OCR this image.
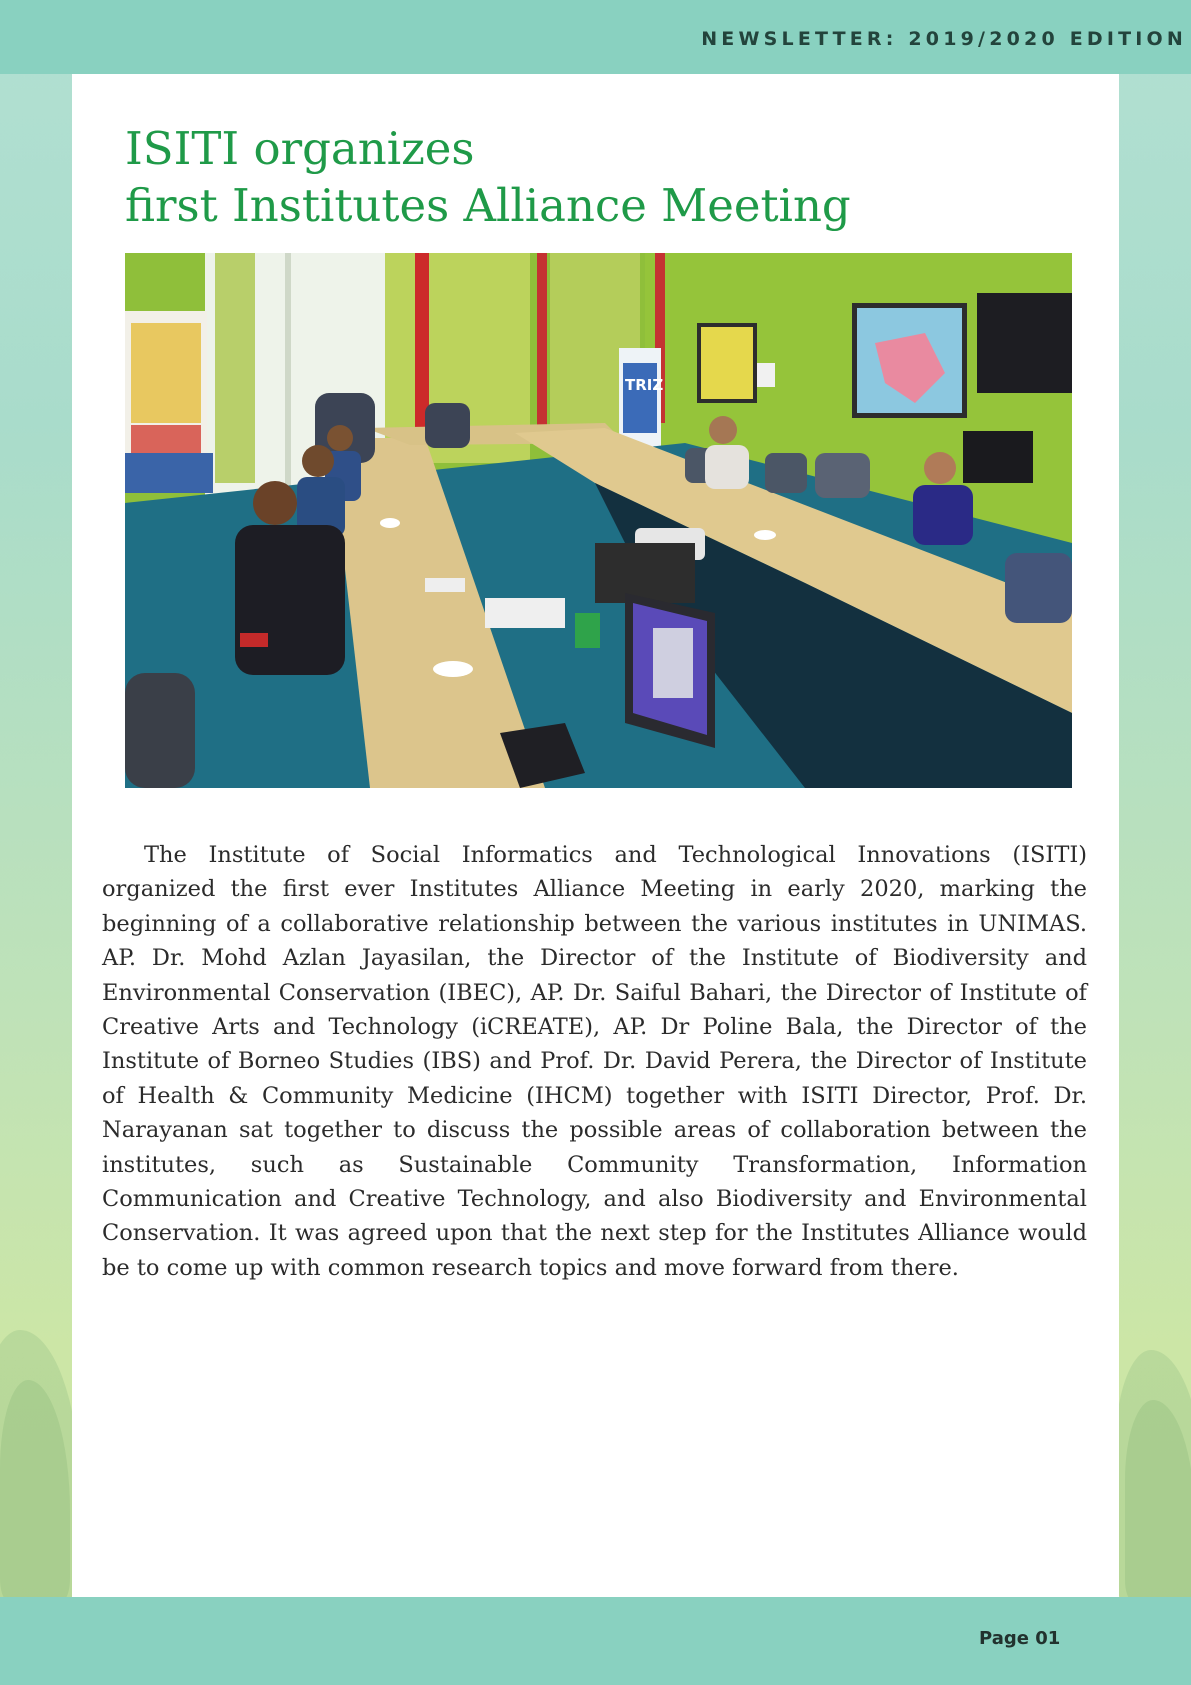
NEWSLETTER: 2019/2020 EDITION
ISITI organizes
first Institutes Alliance Meeting
TRIZ

The Institute of Social Informatics and Technological Innovations (ISITI) organized the first ever Institutes Alliance Meeting in early 2020, marking the beginning of a collaborative relationship between the various institutes in UNIMAS. AP. Dr. Mohd Azlan Jayasilan, the Director of the Institute of Biodiversity and Environmental Conservation (IBEC), AP. Dr. Saiful Bahari, the Director of Institute of Creative Arts and Technology (iCREATE), AP. Dr Poline Bala, the Director of the Institute of Borneo Studies (IBS) and Prof. Dr. David Perera, the Director of Institute of Health & Community Medicine (IHCM) together with ISITI Director, Prof. Dr. Narayanan sat together to discuss the possible areas of collaboration between the institutes, such as Sustainable Community Transformation, Information Communication and Creative Technology, and also Biodiversity and Environmental Conservation. It was agreed upon that the next step for the Institutes Alliance would be to come up with common research topics and move forward from there.

Page 01
